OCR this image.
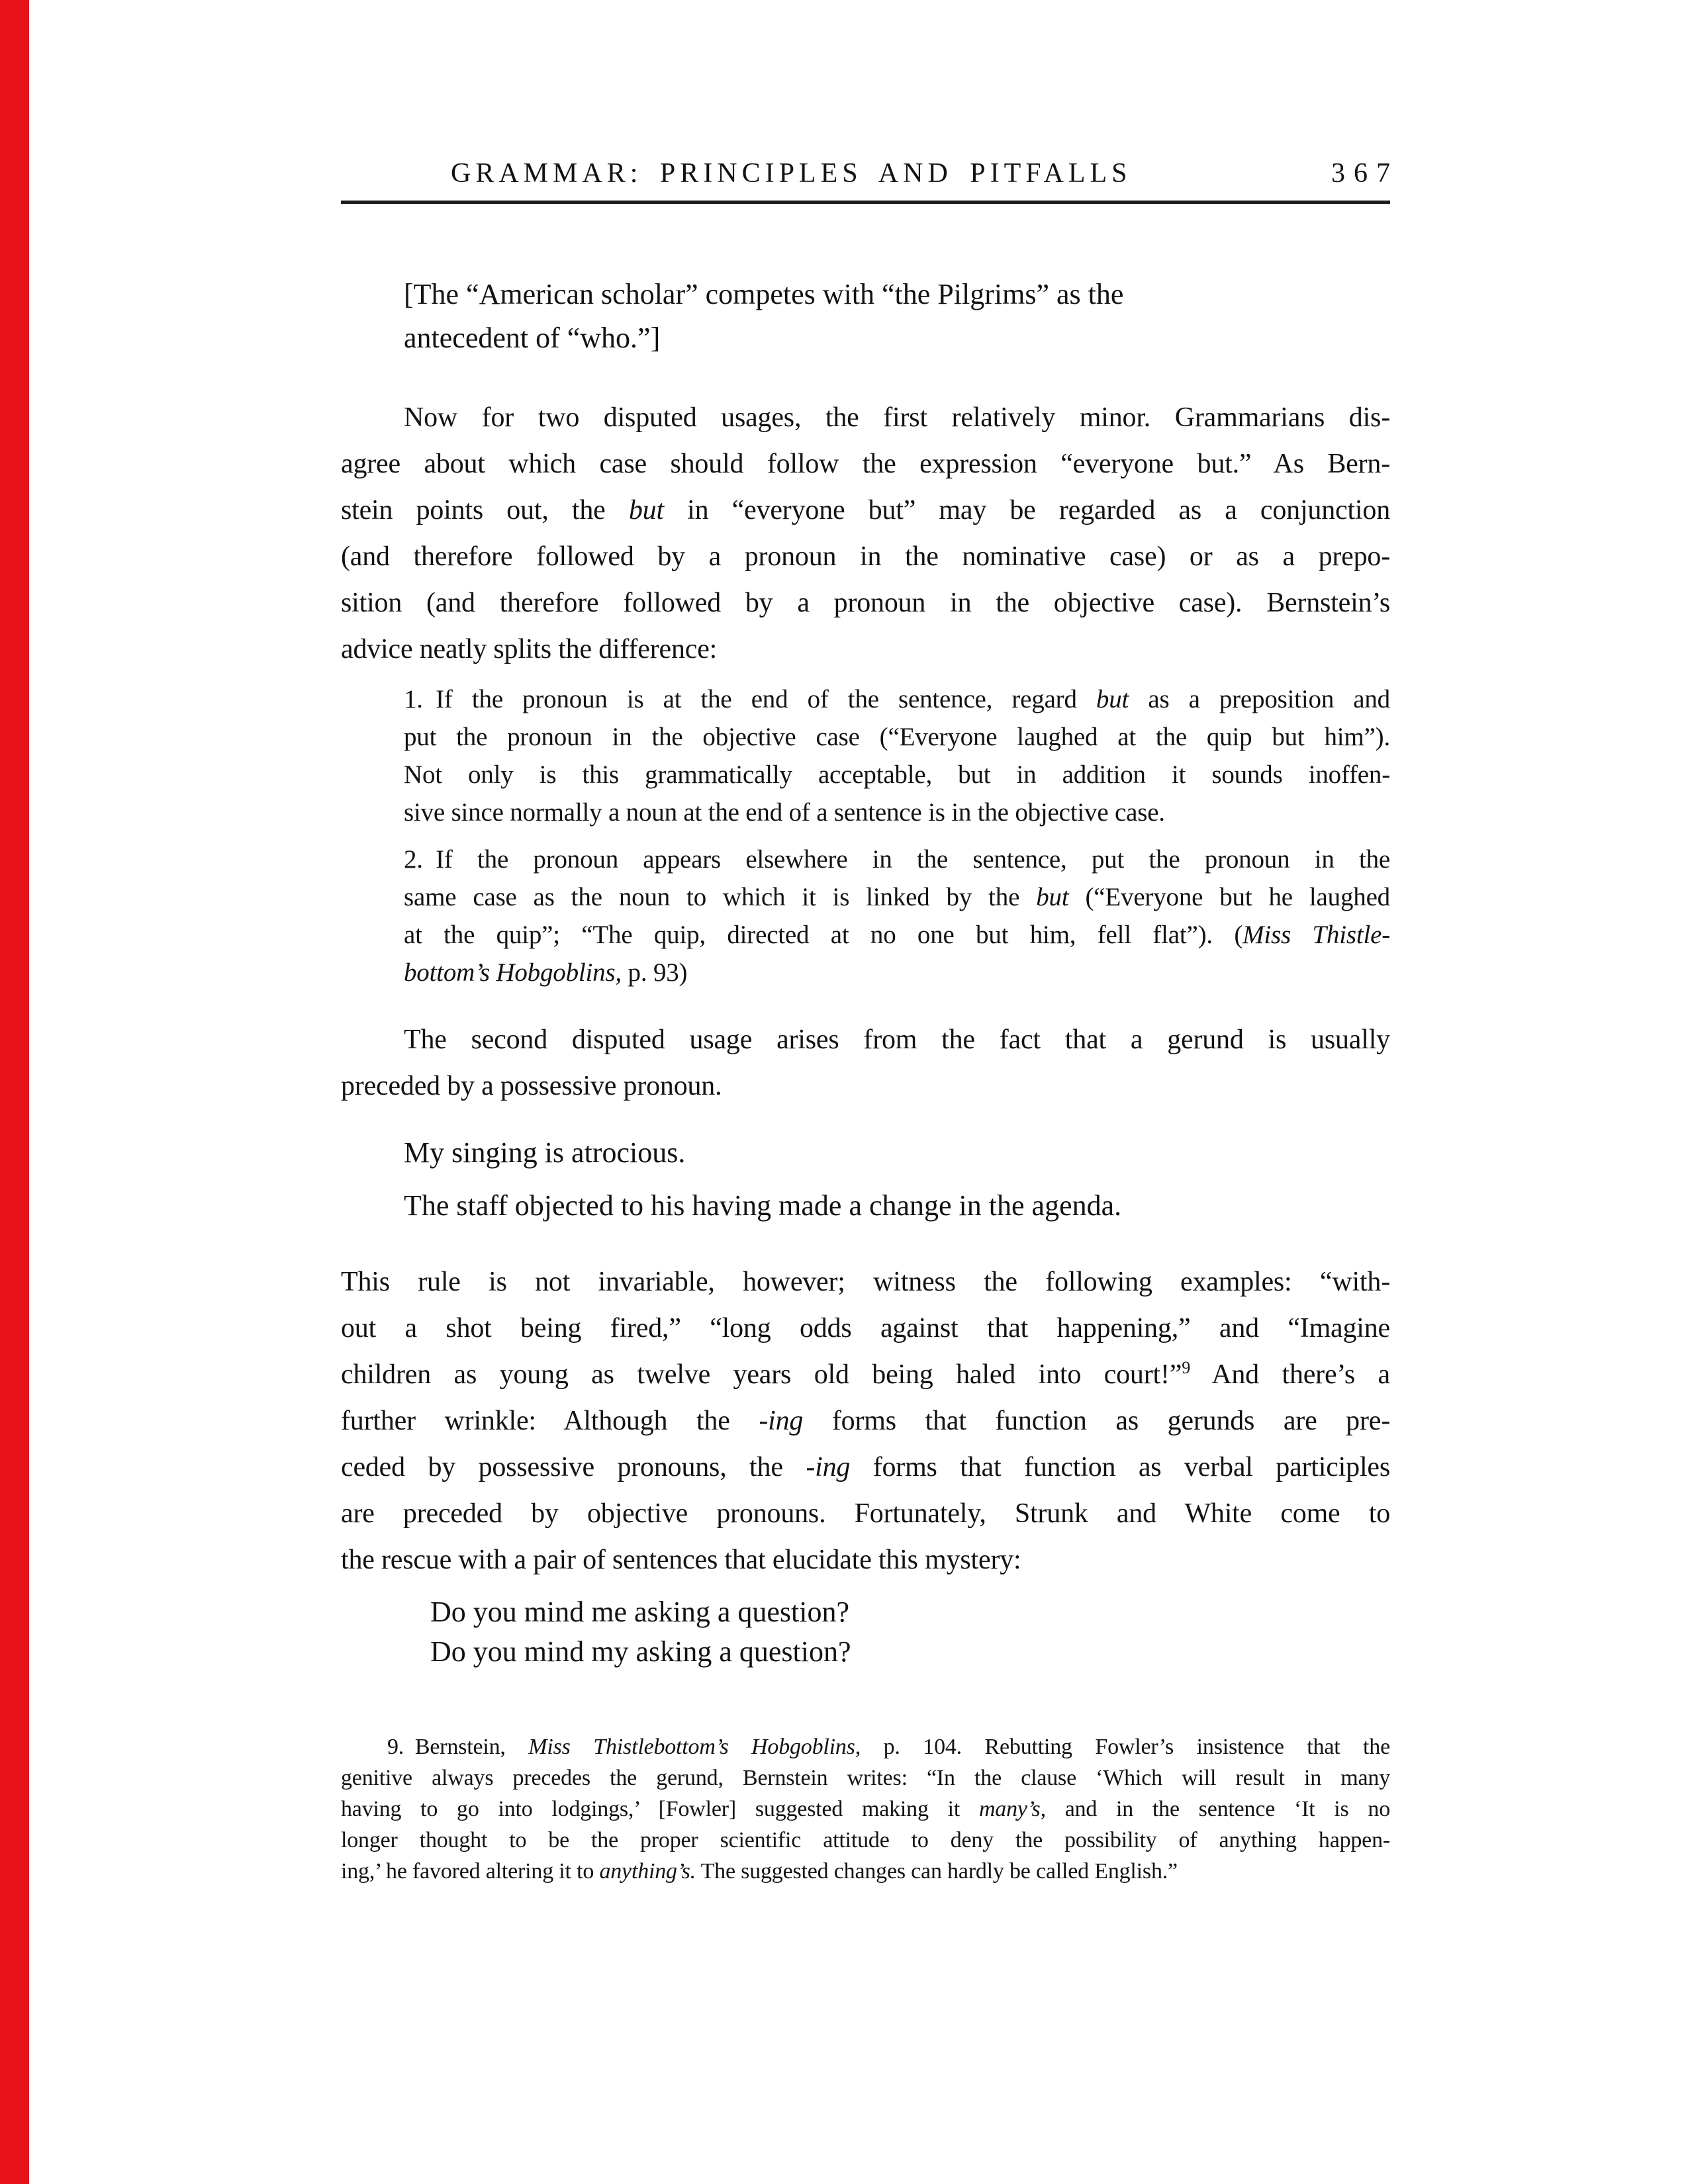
GRAMMAR: PRINCIPLES AND PITFALLS	367
[The “American scholar” competes with “the Pilgrims” as the
antecedent of “who.”]
Now for two disputed usages, the first relatively minor. Grammarians dis-
agree about which case should follow the expression “everyone but.” As Bern-
stein points out, the but in “everyone but” may be regarded as a conjunction
(and therefore followed by a pronoun in the nominative case) or as a prepo-
sition (and therefore followed by a pronoun in the objective case). Bernstein’s
advice neatly splits the difference:
1. If the pronoun is at the end of the sentence, regard but as a preposition and
put the pronoun in the objective case (“Everyone laughed at the quip but him”).
Not only is this grammatically acceptable, but in addition it sounds inoffen-
sive since normally a noun at the end of a sentence is in the objective case.
2. If the pronoun appears elsewhere in the sentence, put the pronoun in the
same case as the noun to which it is linked by the but (“Everyone but he laughed
at the quip”; “The quip, directed at no one but him, fell flat”). (Miss Thistle-
bottom’s Hobgoblins, p. 93)
The second disputed usage arises from the fact that a gerund is usually
preceded by a possessive pronoun.
My singing is atrocious.
The staff objected to his having made a change in the agenda.
This rule is not invariable, however; witness the following examples: “with-
out a shot being fired,” “long odds against that happening,” and “Imagine
children as young as twelve years old being haled into court!”$^9$ And there’s a
further wrinkle: Although the -ing forms that function as gerunds are pre-
ceded by possessive pronouns, the -ing forms that function as verbal participles
are preceded by objective pronouns. Fortunately, Strunk and White come to
the rescue with a pair of sentences that elucidate this mystery:
Do you mind me asking a question?
Do you mind my asking a question?
9. Bernstein, Miss Thistlebottom’s Hobgoblins, p. 104. Rebutting Fowler’s insistence that the
genitive always precedes the gerund, Bernstein writes: “In the clause ‘Which will result in many
having to go into lodgings,’ [Fowler] suggested making it many’s, and in the sentence ‘It is no
longer thought to be the proper scientific attitude to deny the possibility of anything happen-
ing,’ he favored altering it to anything’s. The suggested changes can hardly be called English.”
